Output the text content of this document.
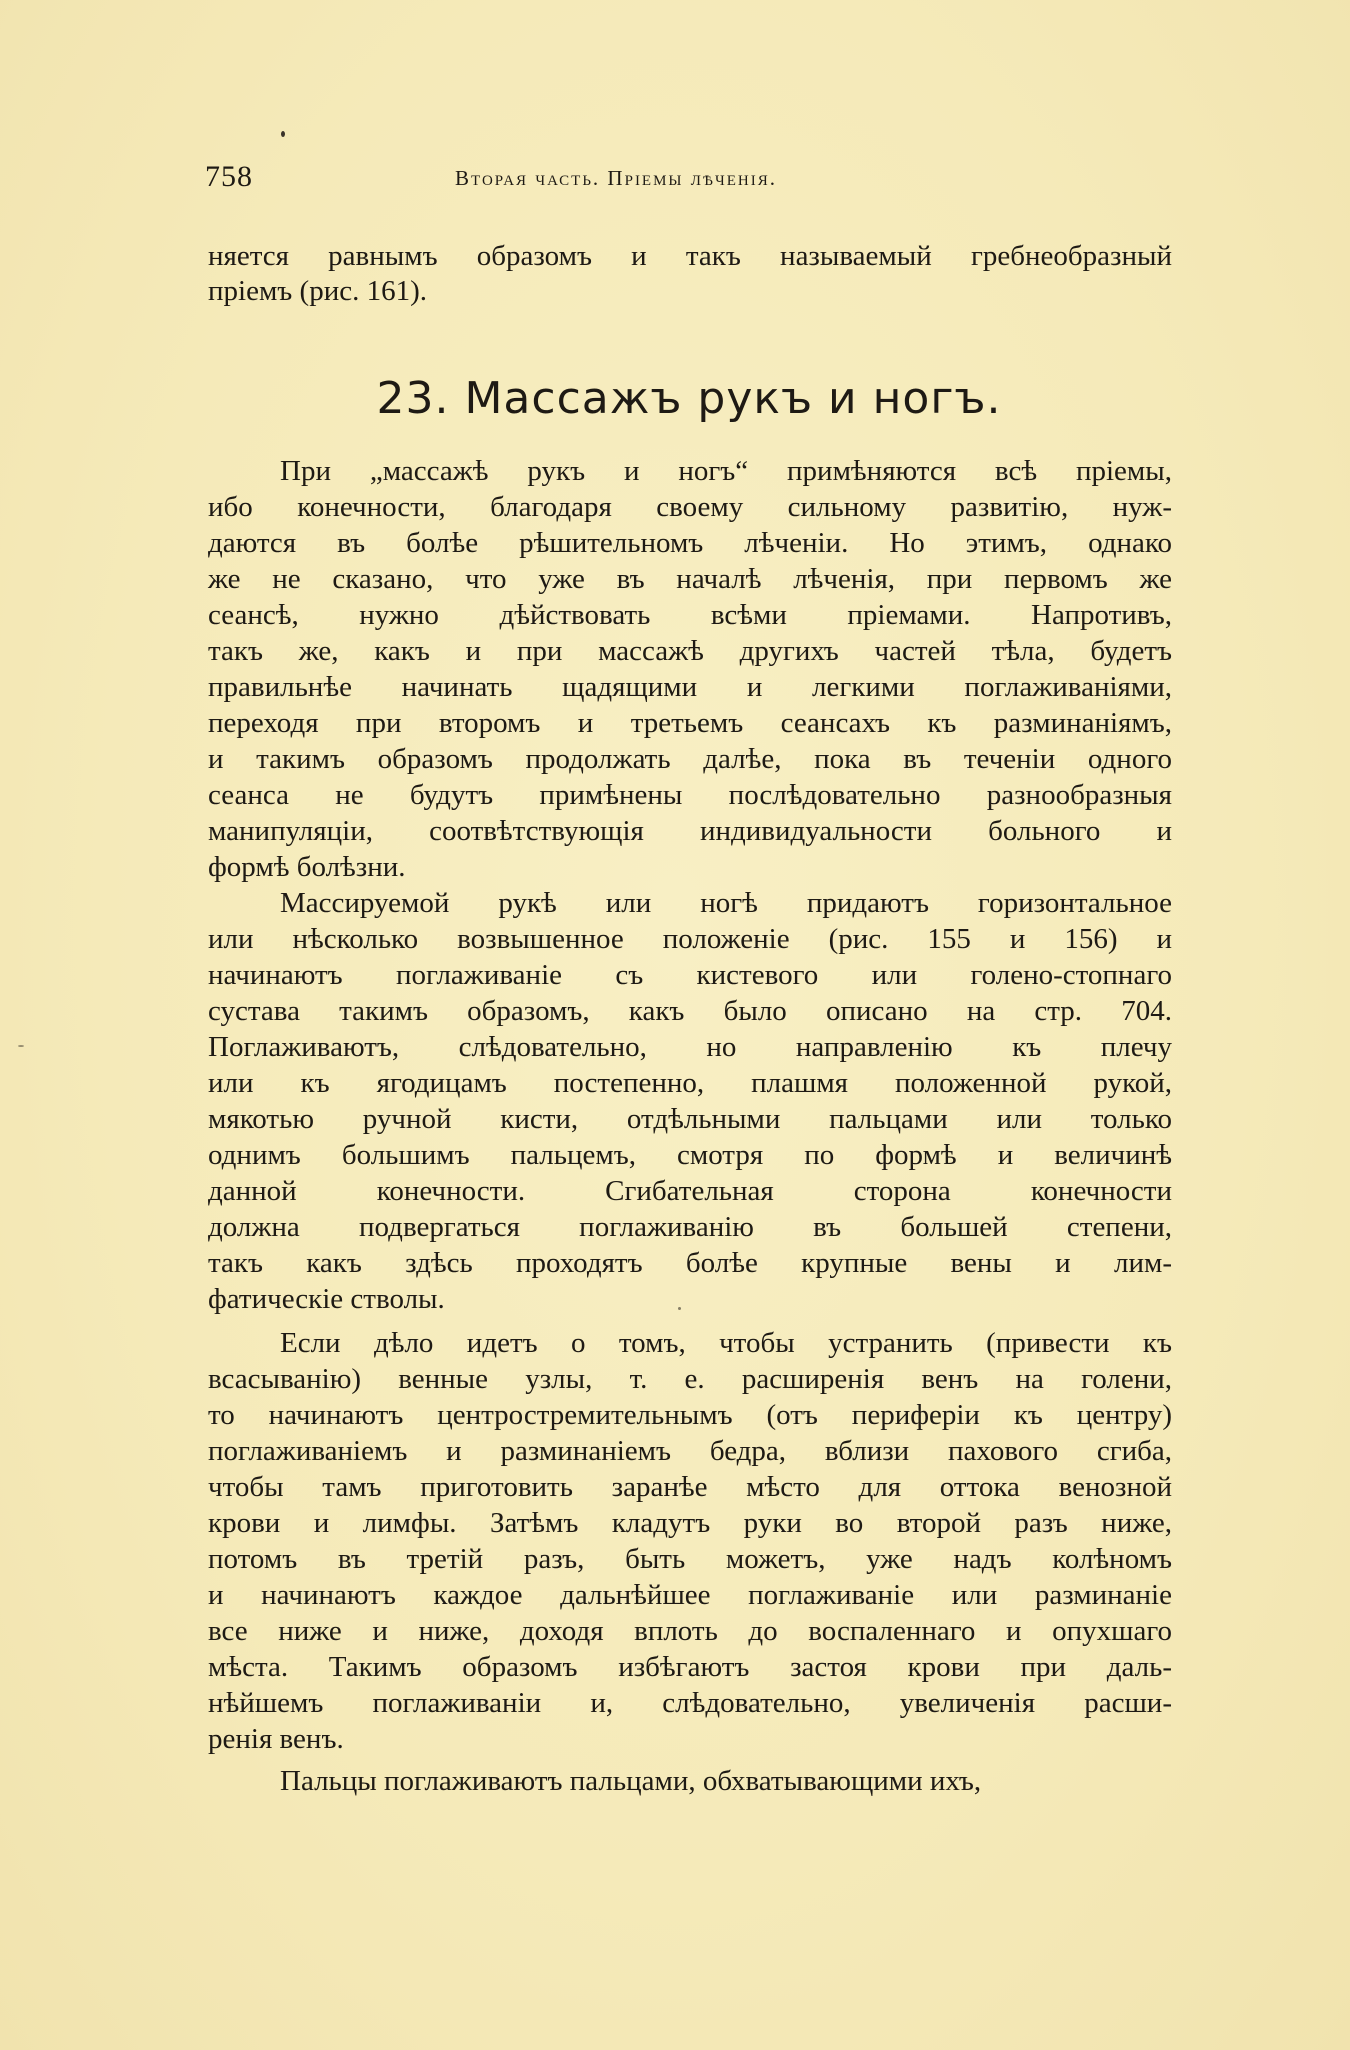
758	Вторая часть. Пріемы лѣченія.
няется равнымъ образомъ и такъ называемый гребнеобразный
пріемъ (рис. 161).
23. Массажъ рукъ и ногъ.
При „массажѣ рукъ и ногъ“ примѣняются всѣ пріемы,
ибо конечности, благодаря своему сильному развитію, нуж-
даются въ болѣе рѣшительномъ лѣченіи. Но этимъ, однако
же не сказано, что уже въ началѣ лѣченія, при первомъ же
сеансѣ, нужно дѣйствовать всѣми пріемами. Напротивъ,
такъ же, какъ и при массажѣ другихъ частей тѣла, будетъ
правильнѣе начинать щадящими и легкими поглаживаніями,
переходя при второмъ и третьемъ сеансахъ къ разминаніямъ,
и такимъ образомъ продолжать далѣе, пока въ теченіи одного
сеанса не будутъ примѣнены послѣдовательно разнообразныя
манипуляціи, соотвѣтствующія индивидуальности больного и
формѣ болѣзни.
Массируемой рукѣ или ногѣ придаютъ горизонтальное
или нѣсколько возвышенное положеніе (рис. 155 и 156) и
начинаютъ поглаживаніе съ кистевого или голено-стопнаго
сустава такимъ образомъ, какъ было описано на стр. 704.
Поглаживаютъ, слѣдовательно, но направленію къ плечу
или къ ягодицамъ постепенно, плашмя положенной рукой,
мякотью ручной кисти, отдѣльными пальцами или только
однимъ большимъ пальцемъ, смотря по формѣ и величинѣ
данной конечности. Сгибательная сторона конечности
должна подвергаться поглаживанію въ большей степени,
такъ какъ здѣсь проходятъ болѣе крупные вены и лим-
фатическіе стволы.
Если дѣло идетъ о томъ, чтобы устранить (привести къ
всасыванію) венные узлы, т. е. расширенія венъ на голени,
то начинаютъ центростремительнымъ (отъ периферіи къ центру)
поглаживаніемъ и разминаніемъ бедра, вблизи пахового сгиба,
чтобы тамъ приготовить заранѣе мѣсто для оттока венозной
крови и лимфы. Затѣмъ кладутъ руки во второй разъ ниже,
потомъ въ третій разъ, быть можетъ, уже надъ колѣномъ
и начинаютъ каждое дальнѣйшее поглаживаніе или разминаніе
все ниже и ниже, доходя вплоть до воспаленнаго и опухшаго
мѣста. Такимъ образомъ избѣгаютъ застоя крови при даль-
нѣйшемъ поглаживаніи и, слѣдовательно, увеличенія расши-
ренія венъ.
Пальцы поглаживаютъ пальцами, обхватывающими ихъ,
